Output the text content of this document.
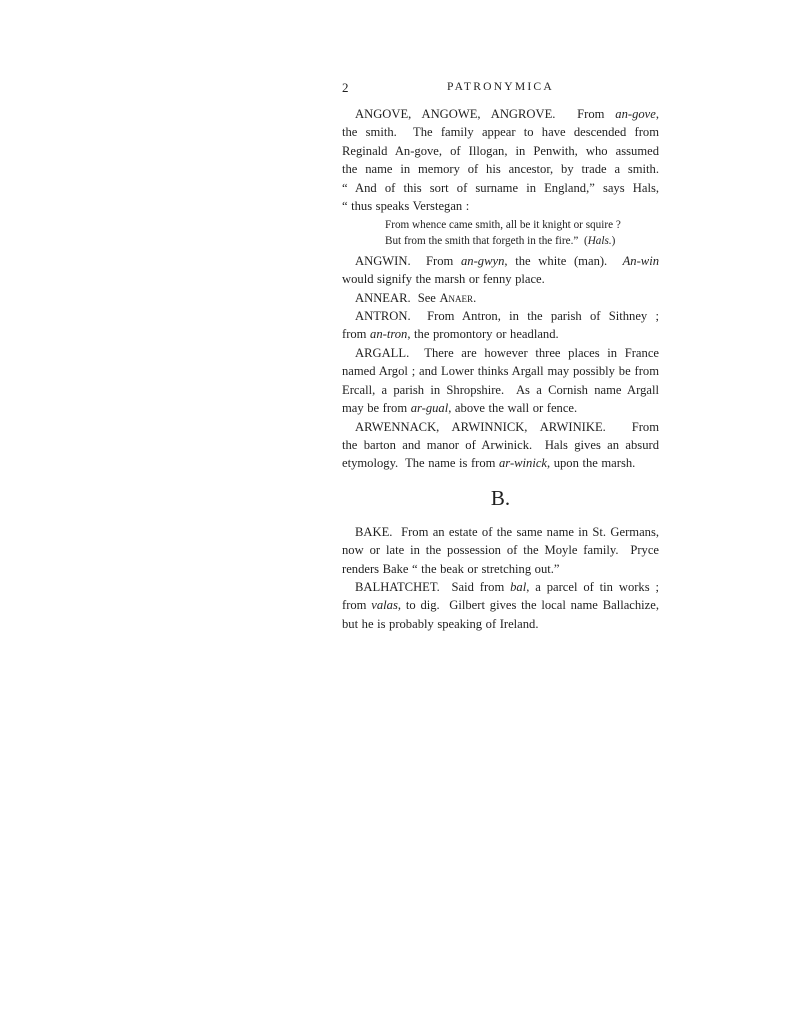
2	PATRONYMICA
ANGOVE, ANGOWE, ANGROVE.  From an-gove,
the smith.  The family appear to have descended from
Reginald An-gove, of Illogan, in Penwith, who assumed
the name in memory of his ancestor, by trade a smith.
“ And of this sort of surname in England,” says Hals,
“ thus speaks Verstegan :
From whence came smith, all be it knight or squire ?
But from the smith that forgeth in the fire.”  (Hals.)
ANGWIN.  From an-gwyn, the white (man).  An-win
would signify the marsh or fenny place.
ANNEAR.  See Anaer.
ANTRON.  From Antron, in the parish of Sithney ;
from an-tron, the promontory or headland.
ARGALL.  There are however three places in France
named Argol ; and Lower thinks Argall may possibly be from
Ercall, a parish in Shropshire.  As a Cornish name Argall
may be from ar-gual, above the wall or fence.
ARWENNACK, ARWINNICK, ARWINIKE.  From
the barton and manor of Arwinick.  Hals gives an absurd
etymology.  The name is from ar-winick, upon the marsh.
B.
BAKE.  From an estate of the same name in St. Germans,
now or late in the possession of the Moyle family.  Pryce
renders Bake “ the beak or stretching out.”
BALHATCHET.  Said from bal, a parcel of tin works ;
from valas, to dig.  Gilbert gives the local name Ballachize,
but he is probably speaking of Ireland.
